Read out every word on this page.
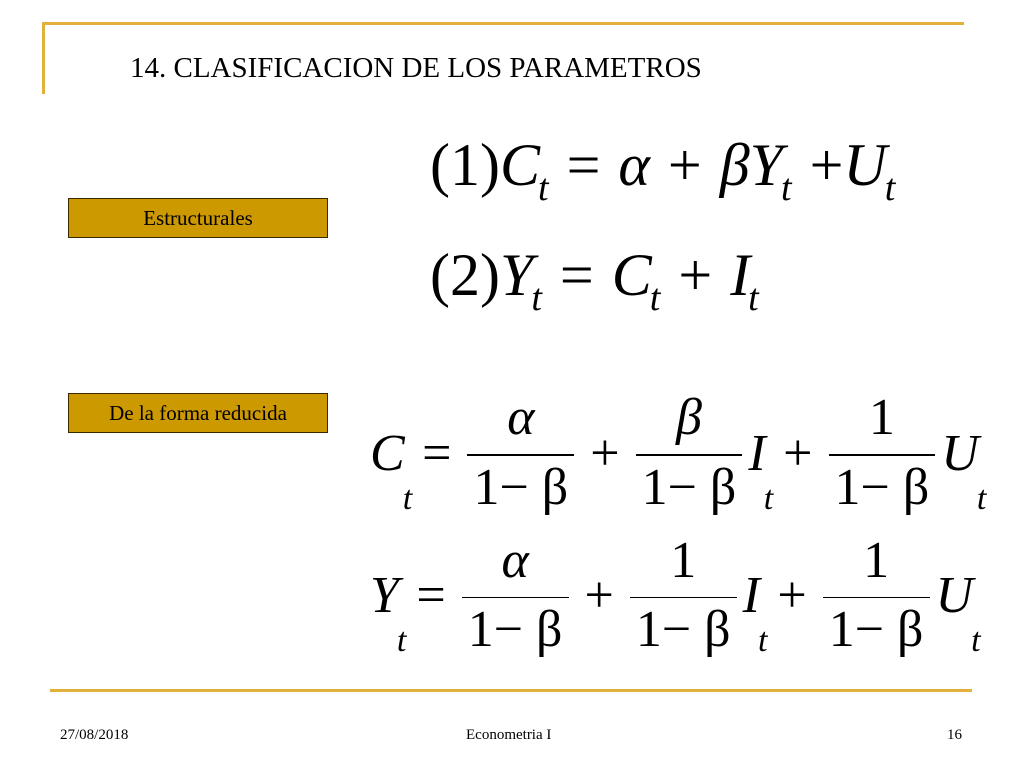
14. CLASIFICACION DE LOS PARAMETROS
Estructurales
De la forma reducida
$(1)C_t = \alpha + \beta Y_t +U_t$
$(2)Y_t = C_t + I_t$
C
t
= $\frac{\alpha}{1- \beta} + \frac{\beta}{1- \beta}$ I
t
+ $\frac{1}{1- \beta}$ U
t
Y
t
= $\frac{\alpha}{1- \beta} + \frac{1}{1- \beta}$ I
t
+ $\frac{1}{1- \beta}$ U
t
27/08/2018	Econometria I	16
